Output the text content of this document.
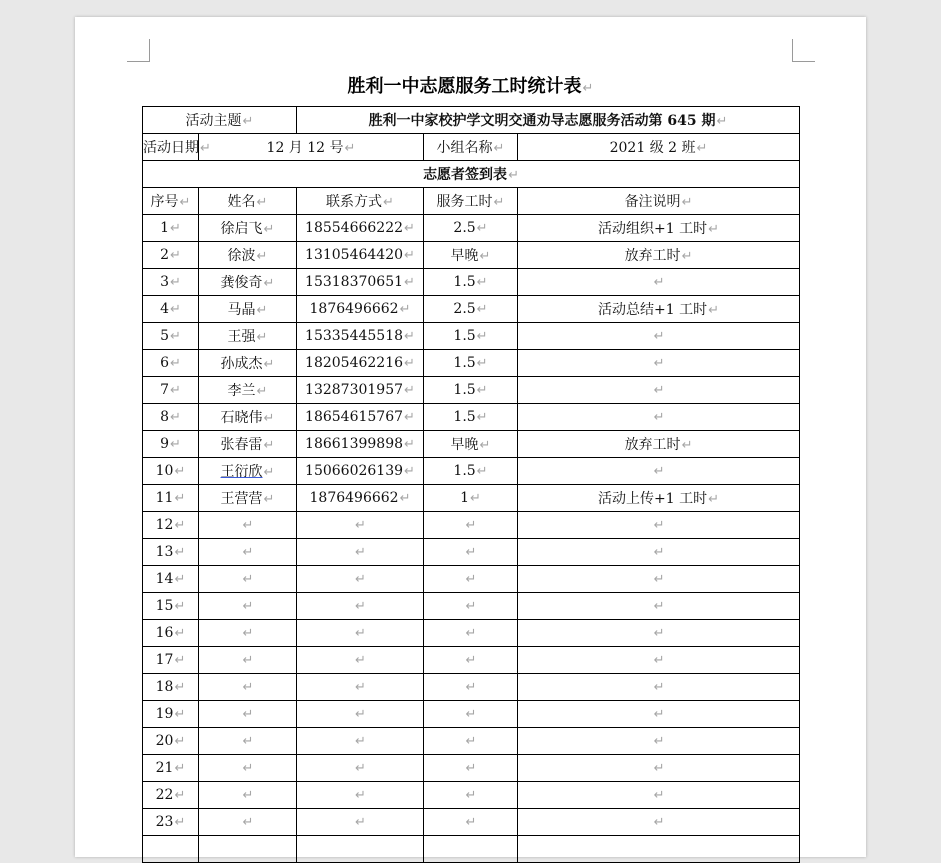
胜利一中志愿服务工时统计表↵
活动主题↵		胜利一中家校护学文明交通劝导志愿服务活动第 645 期↵		
活动日期↵	12 月 12 号↵		小组名称↵	2021 级 2 班↵
志愿者签到表↵				
序号↵	姓名↵	联系方式↵	服务工时↵	备注说明↵
1↵	徐启飞↵	18554666222↵	2.5↵	活动组织+1 工时↵
2↵	徐波↵	13105464420↵	早晚↵	放弃工时↵
3↵	龚俊奇↵	15318370651↵	1.5↵	↵
4↵	马晶↵	1876496662↵	2.5↵	活动总结+1 工时↵
5↵	王强↵	15335445518↵	1.5↵	↵
6↵	孙成杰↵	18205462216↵	1.5↵	↵
7↵	李兰↵	13287301957↵	1.5↵	↵
8↵	石晓伟↵	18654615767↵	1.5↵	↵
9↵	张春雷↵	18661399898↵	早晚↵	放弃工时↵
10↵	王衍欣↵	15066026139↵	1.5↵	↵
11↵	王营营↵	1876496662↵	1↵	活动上传+1 工时↵
12↵	↵	↵	↵	↵
13↵	↵	↵	↵	↵
14↵	↵	↵	↵	↵
15↵	↵	↵	↵	↵
16↵	↵	↵	↵	↵
17↵	↵	↵	↵	↵
18↵	↵	↵	↵	↵
19↵	↵	↵	↵	↵
20↵	↵	↵	↵	↵
21↵	↵	↵	↵	↵
22↵	↵	↵	↵	↵
23↵	↵	↵	↵	↵
